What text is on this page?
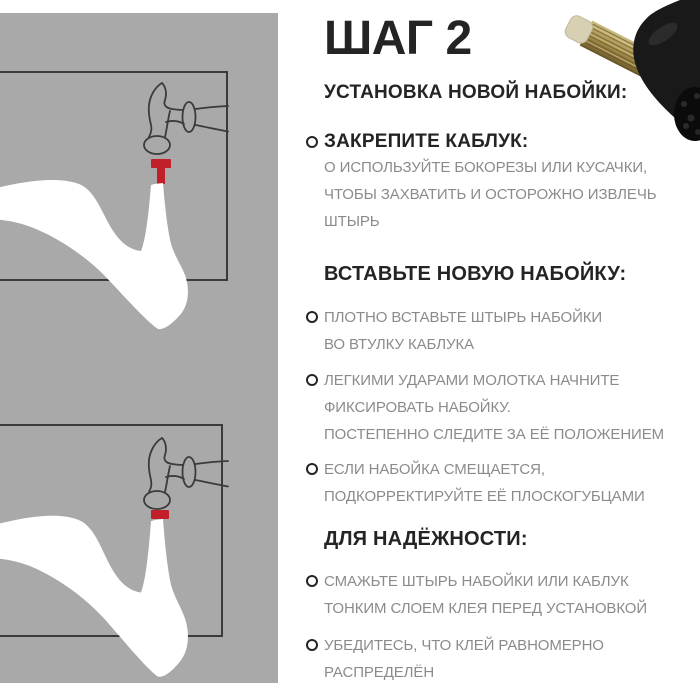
ШАГ 2
УСТАНОВКА НОВОЙ НАБОЙКИ:
ЗАКРЕПИТЕ КАБЛУК:
О ИСПОЛЬЗУЙТЕ БОКОРЕЗЫ ИЛИ КУСАЧКИ,
ЧТОБЫ ЗАХВАТИТЬ И ОСТОРОЖНО ИЗВЛЕЧЬ
ШТЫРЬ
ВСТАВЬТЕ НОВУЮ НАБОЙКУ:
ПЛОТНО ВСТАВЬТЕ ШТЫРЬ НАБОЙКИ
ВО ВТУЛКУ КАБЛУКА
ЛЕГКИМИ УДАРАМИ МОЛОТКА НАЧНИТЕ
ФИКСИРОВАТЬ НАБОЙКУ.
ПОСТЕПЕННО СЛЕДИТЕ ЗА ЕЁ ПОЛОЖЕНИЕМ
ЕСЛИ НАБОЙКА СМЕЩАЕТСЯ,
ПОДКОРРЕКТИРУЙТЕ ЕЁ ПЛОСКОГУБЦАМИ
ДЛЯ НАДЁЖНОСТИ:
СМАЖЬТЕ ШТЫРЬ НАБОЙКИ ИЛИ КАБЛУК
ТОНКИМ СЛОЕМ КЛЕЯ ПЕРЕД УСТАНОВКОЙ
УБЕДИТЕСЬ, ЧТО КЛЕЙ РАВНОМЕРНО
РАСПРЕДЕЛЁН
